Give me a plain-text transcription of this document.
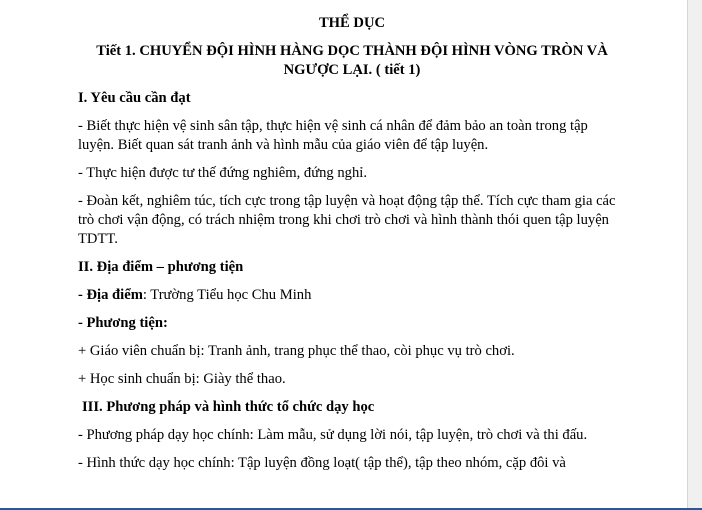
THỂ DỤC
Tiết 1. CHUYỂN ĐỘI HÌNH HÀNG DỌC THÀNH ĐỘI HÌNH VÒNG TRÒN VÀ NGƯỢC LẠI. ( tiết 1)
I. Yêu cầu cần đạt

- Biết thực hiện vệ sinh sân tập, thực hiện vệ sinh cá nhân để đảm bảo an toàn trong tập luyện. Biết quan sát tranh ảnh và hình mẫu của giáo viên để tập luyện.

- Thực hiện được tư thế đứng nghiêm, đứng nghỉ.

- Đoàn kết, nghiêm túc, tích cực trong tập luyện và hoạt động tập thể. Tích cực tham gia các trò chơi vận động, có trách nhiệm trong khi chơi trò chơi và hình thành thói quen tập luyện TDTT.

II. Địa điểm – phương tiện

- Địa điểm: Trường Tiểu học Chu Minh

- Phương tiện:

+ Giáo viên chuẩn bị: Tranh ảnh, trang phục thể thao, còi phục vụ trò chơi.

+ Học sinh chuẩn bị: Giày thể thao.

III. Phương pháp và hình thức tổ chức dạy học

- Phương pháp dạy học chính: Làm mẫu, sử dụng lời nói, tập luyện, trò chơi và thi đấu.

- Hình thức dạy học chính: Tập luyện đồng loạt( tập thể), tập theo nhóm, cặp đôi và
